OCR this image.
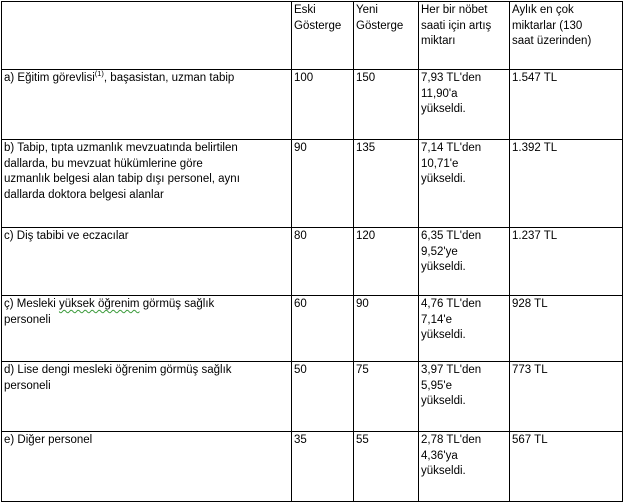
	Eski
Gösterge	Yeni
Gösterge	Her bir nöbet
saati için artış
miktarı	Aylık en çok
miktarlar (130
saat üzerinden)

a) Eğitim görevlisi$^{(1)}$, başasistan, uzman tabip	100	150	7,93 TL'den
11,90'a
yükseldi.	1.547 TL

b) Tabip, tıpta uzmanlık mevzuatında belirtilen
dallarda, bu mevzuat hükümlerine göre
uzmanlık belgesi alan tabip dışı personel, aynı
dallarda doktora belgesi alanlar	90	135	7,14 TL'den
10,71'e
yükseldi.	1.392 TL

c) Diş tabibi ve eczacılar	80	120	6,35 TL'den
9,52'ye
yükseldi.	1.237 TL

ç) Mesleki yüksek öğrenim görmüş sağlık
personeli	60	90	4,76 TL'den
7,14'e
yükseldi.	928 TL

d) Lise dengi mesleki öğrenim görmüş sağlık
personeli	50	75	3,97 TL'den
5,95'e
yükseldi.	773 TL

e) Diğer personel	35	55	2,78 TL'den
4,36'ya
yükseldi.	567 TL
